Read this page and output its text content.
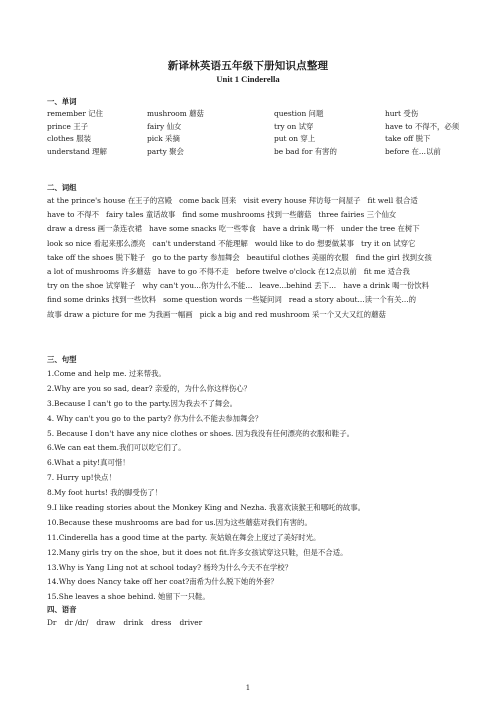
新译林英语五年级下册知识点整理
Unit 1 Cinderella
一、单词
remember 记住	mushroom 蘑菇	question 问题	hurt 受伤
prince 王子	fairy 仙女	try on 试穿	have to 不得不，必须
clothes 服装	pick 采摘	put on 穿上	take off 脱下
understand 理解	party 聚会	be bad for 有害的	before 在...以前
二、词组
at the prince's house 在王子的宫殿 come back 回来 visit every house 拜访每一间屋子 fit well 很合适
have to 不得不 fairy tales 童话故事 find some mushrooms 找到一些蘑菇 three fairies 三个仙女
draw a dress 画一条连衣裙 have some snacks 吃一些零食 have a drink 喝一杯 under the tree 在树下
look so nice 看起来那么漂亮 can't understand 不能理解 would like to do 想要做某事 try it on 试穿它
take off the shoes 脱下鞋子 go to the party 参加舞会 beautiful clothes 美丽的衣服 find the girl 找到女孩
a lot of mushrooms 许多蘑菇 have to go 不得不走 before twelve o'clock 在12点以前 fit me 适合我
try on the shoe 试穿鞋子 why can't you...你为什么不能... leave...behind 丢下... have a drink 喝一份饮料
find some drinks 找到一些饮料 some question words 一些疑问词 read a story about...读一个有关...的
故事 draw a picture for me 为我画一幅画 pick a big and red mushroom 采一个又大又红的蘑菇
三、句型
1.Come and help me. 过来帮我。
2.Why are you so sad, dear? 亲爱的，为什么你这样伤心？
3.Because I can't go to the party.因为我去不了舞会。
4. Why can't you go to the party? 你为什么不能去参加舞会？
5. Because I don't have any nice clothes or shoes. 因为我没有任何漂亮的衣服和鞋子。
6.We can eat them.我们可以吃它们了。
6.What a pity!真可惜！
7. Hurry up!快点！
8.My foot hurts! 我的脚受伤了！
9.I like reading stories about the Monkey King and Nezha. 我喜欢读猴王和哪吒的故事。
10.Because these mushrooms are bad for us.因为这些蘑菇对我们有害的。
11.Cinderella has a good time at the party. 灰姑娘在舞会上度过了美好时光。
12.Many girls try on the shoe, but it does not fit.许多女孩试穿这只鞋，但是不合适。
13.Why is Yang Ling not at school today? 杨玲为什么今天不在学校？
14.Why does Nancy take off her coat?南希为什么脱下她的外套？
15.She leaves a shoe behind. 她留下一只鞋。
四、语音
Dr dr /dr/ draw drink dress driver
1
